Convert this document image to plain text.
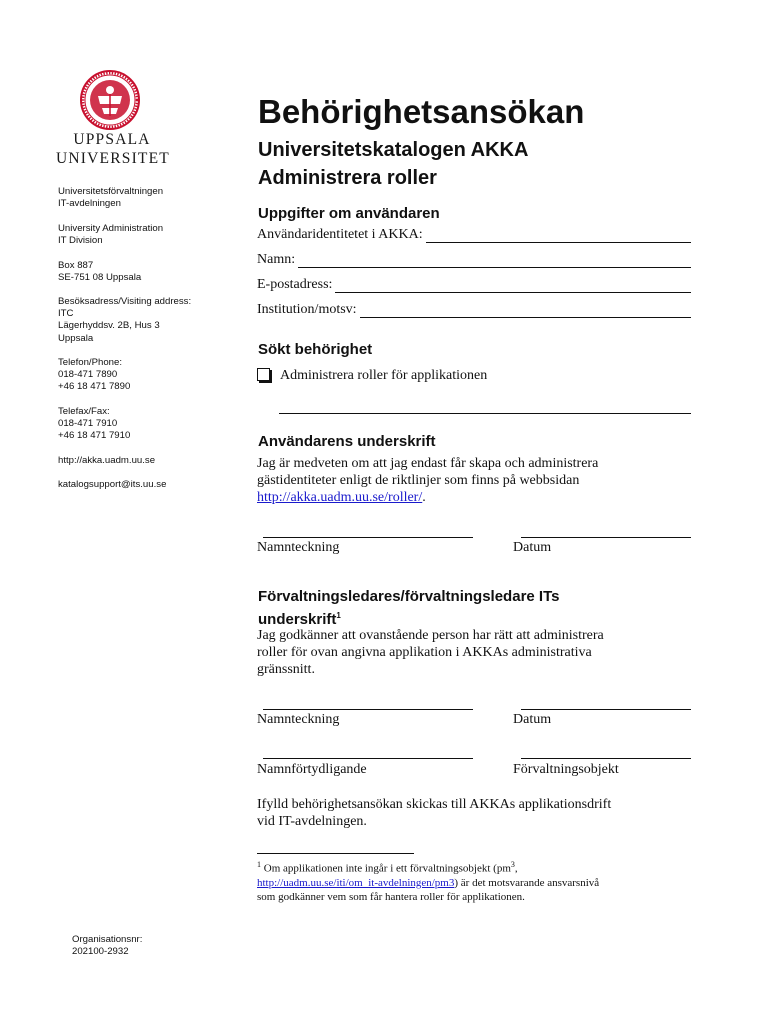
UPPSALA
UNIVERSITET
Universitetsförvaltningen
IT-avdelningen
University Administration
IT Division
Box 887
SE-751 08 Uppsala
Besöksadress/Visiting address:
ITC
Lägerhyddsv. 2B, Hus 3
Uppsala
Telefon/Phone:
018-471 7890
+46 18 471 7890
Telefax/Fax:
018-471 7910
+46 18 471 7910
http://akka.uadm.uu.se
katalogsupport@its.uu.se
Organisationsnr:
202100-2932
Behörighetsansökan
Universitetskatalogen AKKA
Administrera roller
Uppgifter om användaren
Användaridentitetet i AKKA:
Namn:
E-postadress:
Institution/motsv:
Sökt behörighet
Administrera roller för applikationen
Användarens underskrift
Jag är medveten om att jag endast får skapa och administrera
gästidentiteter enligt de riktlinjer som finns på webbsidan
http://akka.uadm.uu.se/roller/.
Namnteckning	Datum
Förvaltningsledares/förvaltningsledare ITs
underskrift$^1$
Jag godkänner att ovanstående person har rätt att administrera
roller för ovan angivna applikation i AKKAs administrativa
gränssnitt.
Namnteckning	Datum
Namnförtydligande	Förvaltningsobjekt
Ifylld behörighetsansökan skickas till AKKAs applikationsdrift
vid IT-avdelningen.
$^1$ Om applikationen inte ingår i ett förvaltningsobjekt ($pm^3$,
http://uadm.uu.se/iti/om_it-avdelningen/pm3) är det motsvarande ansvarsnivå
som godkänner vem som får hantera roller för applikationen.
